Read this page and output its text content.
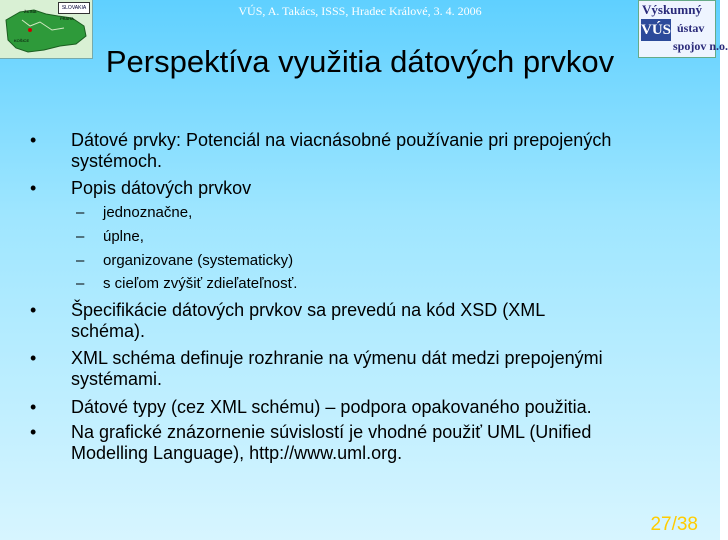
SLOVAKIA
PRAHA
ŽILINA
KOŠICE
VÚS, A. Takács, ISSS, Hradec Králové, 3. 4. 2006	Výskumný
VÚS ústav
spojov n.o.
Perspektíva využitia dátových prvkov
• Dátové prvky: Potenciál na viacnásobné používanie pri prepojených
systémoch.
• Popis dátových prvkov
– jednoznačne,
– úplne,
– organizovane (systematicky)
– s cieľom zvýšiť zdieľateľnosť.
• Špecifikácie dátových prvkov sa prevedú na kód XSD (XML
schéma).
• XML schéma definuje rozhranie na výmenu dát medzi prepojenými
systémami.
• Dátové typy (cez XML schému) – podpora opakovaného použitia.
• Na grafické znázornenie súvislostí je vhodné použiť UML (Unified
Modelling Language), http://www.uml.org.
27/38
